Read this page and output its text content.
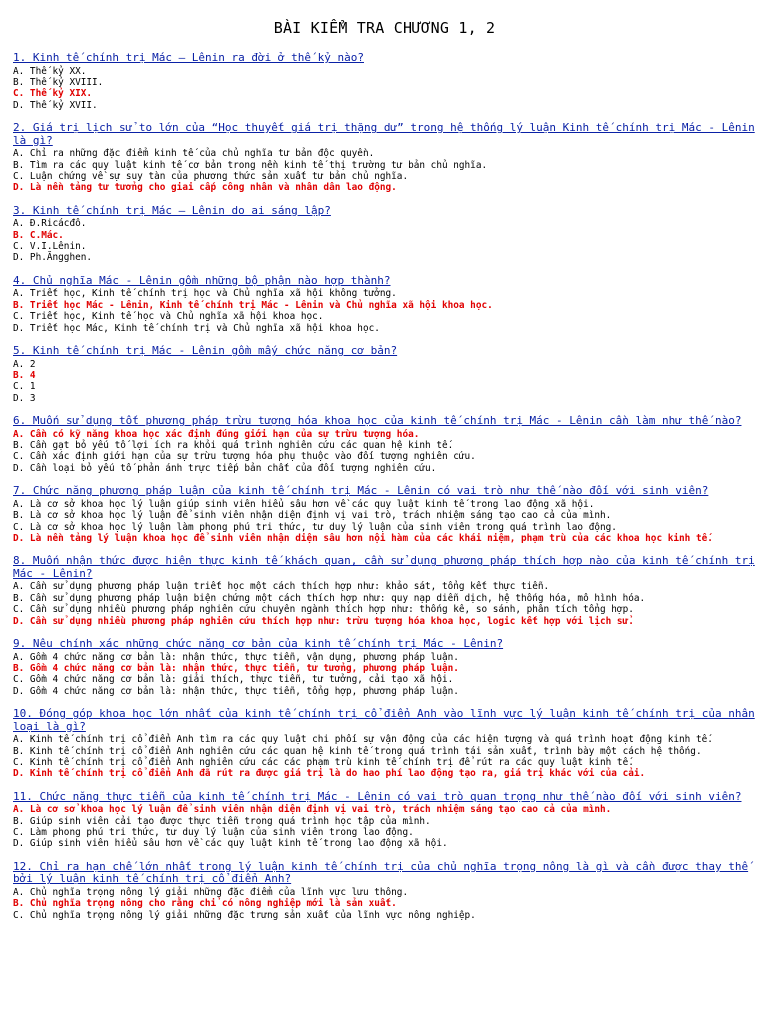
BÀI KIỂM TRA CHƯƠNG 1, 2
1. Kinh tế chính trị Mác – Lênin ra đời ở thế kỷ nào?
A. Thế kỷ XX.
B. Thế kỷ XVIII.
C. Thế kỷ XIX.
D. Thế kỷ XVII.
2. Giá trị lịch sử to lớn của “Học thuyết giá trị thặng dư” trong hệ thống lý luận Kinh tế chính trị Mác - Lênin là gì?
A. Chỉ ra những đặc điểm kinh tế của chủ nghĩa tư bản độc quyền.
B. Tìm ra các quy luật kinh tế cơ bản trong nền kinh tế thị trường tư bản chủ nghĩa.
C. Luận chứng về sự suy tàn của phương thức sản xuất tư bản chủ nghĩa.
D. Là nền tảng tư tưởng cho giai cấp công nhân và nhân dân lao động.
3. Kinh tế chính trị Mác – Lênin do ai sáng lập?
A. Đ.Ricácđô.
B. C.Mác.
C. V.I.Lênin.
D. Ph.Ăngghen.
4. Chủ nghĩa Mác - Lênin gồm những bộ phận nào hợp thành?
A. Triết học, Kinh tế chính trị học và Chủ nghĩa xã hội không tưởng.
B. Triết học Mác - Lênin, Kinh tế chính trị Mác - Lênin và Chủ nghĩa xã hội khoa học.
C. Triết học, Kinh tế học và Chủ nghĩa xã hội khoa học.
D. Triết học Mác, Kinh tế chính trị và Chủ nghĩa xã hội khoa học.
5. Kinh tế chính trị Mác - Lênin gồm mấy chức năng cơ bản?
A. 2
B. 4
C. 1
D. 3
6. Muốn sử dụng tốt phương pháp trừu tượng hóa khoa học của kinh tế chính trị Mác - Lênin cần làm như thế nào?
A. Cần có kỹ năng khoa học xác định đúng giới hạn của sự trừu tượng hóa.
B. Cần gạt bỏ yếu tố lợi ích ra khỏi quá trình nghiên cứu các quan hệ kinh tế.
C. Cần xác định giới hạn của sự trừu tượng hóa phụ thuộc vào đối tượng nghiên cứu.
D. Cần loại bỏ yếu tố phản ánh trực tiếp bản chất của đối tượng nghiên cứu.
7. Chức năng phương pháp luận của kinh tế chính trị Mác - Lênin có vai trò như thế nào đối với sinh viên?
A. Là cơ sở khoa học lý luận giúp sinh viên hiểu sâu hơn về các quy luật kinh tế trong lao động xã hội.
B. Là cơ sở khoa học lý luận để sinh viên nhận diện định vị vai trò, trách nhiệm sáng tạo cao cả của mình.
C. Là cơ sở khoa học lý luận làm phong phú tri thức, tư duy lý luận của sinh viên trong quá trình lao động.
D. Là nền tảng lý luận khoa học để sinh viên nhận diện sâu hơn nội hàm của các khái niệm, phạm trù của các khoa học kinh tế.
8. Muốn nhận thức được hiện thực kinh tế khách quan, cần sử dụng phương pháp thích hợp nào của kinh tế chính trị Mác - Lênin?
A. Cần sử dụng phương pháp luận triết học một cách thích hợp như: khảo sát, tổng kết thực tiễn.
B. Cần sử dụng phương pháp luận biện chứng một cách thích hợp như: quy nạp diễn dịch, hệ thống hóa, mô hình hóa.
C. Cần sử dụng nhiều phương pháp nghiên cứu chuyên ngành thích hợp như: thống kê, so sánh, phân tích tổng hợp.
D. Cần sử dụng nhiều phương pháp nghiên cứu thích hợp như: trừu tượng hóa khoa học, logic kết hợp với lịch sử.
9. Nêu chính xác những chức năng cơ bản của kinh tế chính trị Mác - Lênin?
A. Gồm 4 chức năng cơ bản là: nhận thức, thực tiễn, vận dụng, phương pháp luận.
B. Gồm 4 chức năng cơ bản là: nhận thức, thực tiễn, tư tưởng, phương pháp luận.
C. Gồm 4 chức năng cơ bản là: giải thích, thực tiễn, tư tưởng, cải tạo xã hội.
D. Gồm 4 chức năng cơ bản là: nhận thức, thực tiễn, tổng hợp, phương pháp luận.
10. Đóng góp khoa học lớn nhất của kinh tế chính trị cổ điển Anh vào lĩnh vực lý luận kinh tế chính trị của nhân loại là gì?
A. Kinh tế chính trị cổ điển Anh tìm ra các quy luật chi phối sự vận động của các hiện tượng và quá trình hoạt động kinh tế.
B. Kinh tế chính trị cổ điển Anh nghiên cứu các quan hệ kinh tế trong quá trình tái sản xuất, trình bày một cách hệ thống.
C. Kinh tế chính trị cổ điển Anh nghiên cứu các các phạm trù kinh tế chính trị để rút ra các quy luật kinh tế.
D. Kinh tế chính trị cổ điển Anh đã rút ra được giá trị là do hao phí lao động tạo ra, giá trị khác với của cải.
11. Chức năng thực tiễn của kinh tế chính trị Mác - Lênin có vai trò quan trọng như thế nào đối với sinh viên?
A. Là cơ sở khoa học lý luận để sinh viên nhận diện định vị vai trò, trách nhiệm sáng tạo cao cả của mình.
B. Giúp sinh viên cải tạo được thực tiễn trong quá trình học tập của mình.
C. Làm phong phú tri thức, tư duy lý luận của sinh viên trong lao động.
D. Giúp sinh viên hiểu sâu hơn về các quy luật kinh tế trong lao động xã hội.
12. Chỉ ra hạn chế lớn nhất trong lý luận kinh tế chính trị của chủ nghĩa trọng nông là gì và cần được thay thế bởi lý luận kinh tế chính trị cổ điển Anh?
A. Chủ nghĩa trọng nông lý giải những đặc điểm của lĩnh vực lưu thông.
B. Chủ nghĩa trọng nông cho rằng chỉ có nông nghiệp mới là sản xuất.
C. Chủ nghĩa trọng nông lý giải những đặc trưng sản xuất của lĩnh vực nông nghiệp.
